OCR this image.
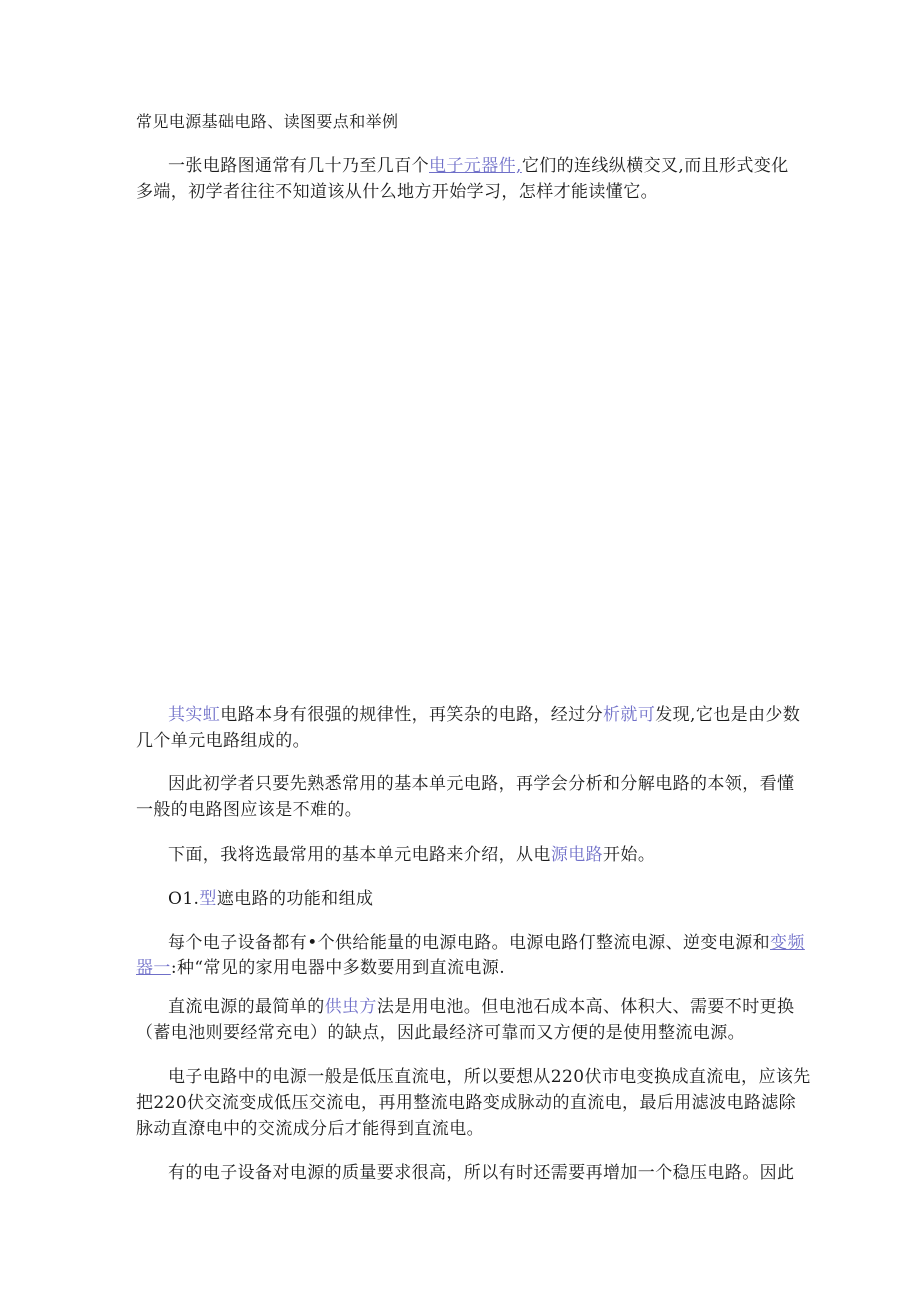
常见电源基础电路、读图要点和举例
一张电路图通常有几十乃至几百个电子元器件,它们的连线纵横交叉,而且形式变化
多端，初学者往往不知道该从什么地方开始学习，怎样才能读懂它。
其实虹电路本身有很强的规律性，再笑杂的电路，经过分析就可发现,它也是由少数
几个单元电路组成的。
因此初学者只要先熟悉常用的基本单元电路，再学会分析和分解电路的本领，看懂
一般的电路图应该是不难的。
下面，我将选最常用的基本单元电路来介绍，从电源电路开始。
O1.型遮电路的功能和组成
每个电子设备都有•个供给能量的电源电路。电源电路仃整流电源、逆变电源和变频
器一:种“常见的家用电器中多数要用到直流电源.
直流电源的最简单的供虫方法是用电池。但电池石成本高、体积大、需要不时更换
（蓄电池则要经常充电）的缺点，因此最经济可靠而又方便的是使用整流电源。
电子电路中的电源一般是低压直流电，所以要想从220伏市电变换成直流电，应该先
把220伏交流变成低压交流电，再用整流电路变成脉动的直流电，最后用滤波电路滤除
脉动直潦电中的交流成分后才能得到直流电。
有的电子设备对电源的质量要求很高，所以有时还需要再增加一个稳压电路。因此
